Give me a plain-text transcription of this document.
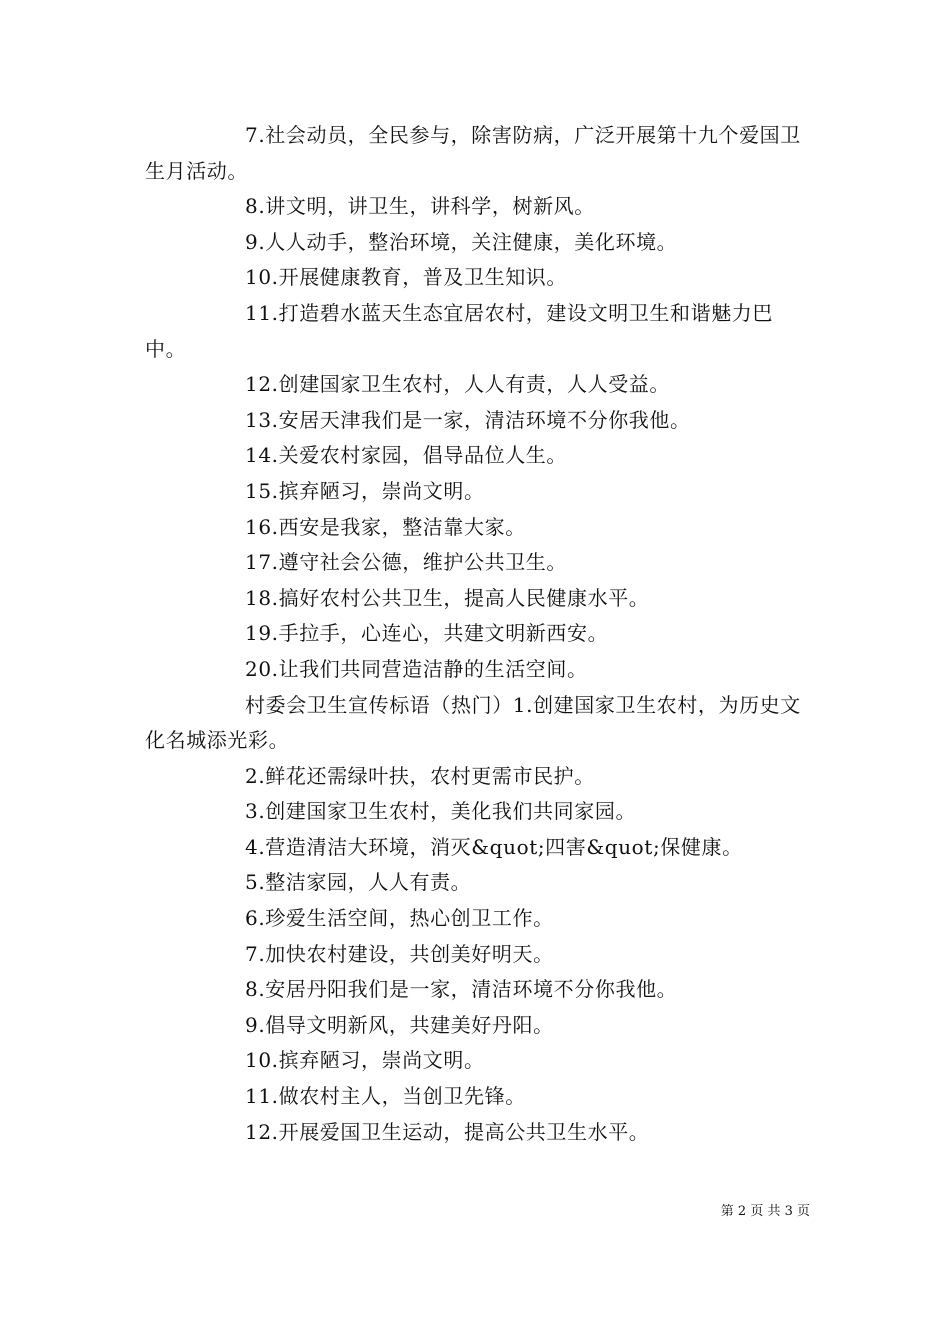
7.社会动员，全民参与，除害防病，广泛开展第十九个爱国卫生月活动。

8.讲文明，讲卫生，讲科学，树新风。

9.人人动手，整治环境，关注健康，美化环境。

10.开展健康教育，普及卫生知识。

11.打造碧水蓝天生态宜居农村，建设文明卫生和谐魅力巴中。

12.创建国家卫生农村，人人有责，人人受益。

13.安居天津我们是一家，清洁环境不分你我他。

14.关爱农村家园，倡导品位人生。

15.摈弃陋习，崇尚文明。

16.西安是我家，整洁靠大家。

17.遵守社会公德，维护公共卫生。

18.搞好农村公共卫生，提高人民健康水平。

19.手拉手，心连心，共建文明新西安。

20.让我们共同营造洁静的生活空间。

村委会卫生宣传标语（热门）1.创建国家卫生农村，为历史文化名城添光彩。

2.鲜花还需绿叶扶，农村更需市民护。

3.创建国家卫生农村，美化我们共同家园。

4.营造清洁大环境，消灭&quot;四害&quot;保健康。

5.整洁家园，人人有责。

6.珍爱生活空间，热心创卫工作。

7.加快农村建设，共创美好明天。

8.安居丹阳我们是一家，清洁环境不分你我他。

9.倡导文明新风，共建美好丹阳。

10.摈弃陋习，崇尚文明。

11.做农村主人，当创卫先锋。

12.开展爱国卫生运动，提高公共卫生水平。

第 2 页 共 3 页
